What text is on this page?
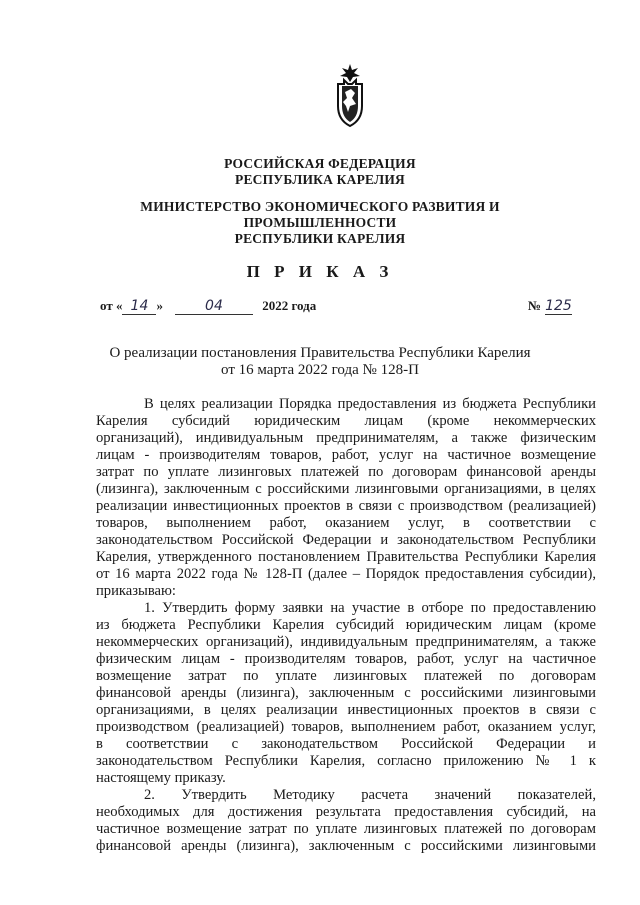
РОССИЙСКАЯ ФЕДЕРАЦИЯ
РЕСПУБЛИКА КАРЕЛИЯ
МИНИСТЕРСТВО ЭКОНОМИЧЕСКОГО РАЗВИТИЯ И
ПРОМЫШЛЕННОСТИ
РЕСПУБЛИКИ КАРЕЛИЯ
П Р И К А З
от « 14 »	04	2022 года	№ 125
О реализации постановления Правительства Республики Карелия
от 16 марта 2022 года № 128-П
В целях реализации Порядка предоставления из бюджета Республики
Карелия субсидий юридическим лицам (кроме некоммерческих
организаций), индивидуальным предпринимателям, а также физическим
лицам - производителям товаров, работ, услуг на частичное возмещение
затрат по уплате лизинговых платежей по договорам финансовой аренды
(лизинга), заключенным с российскими лизинговыми организациями, в целях
реализации инвестиционных проектов в связи с производством (реализацией)
товаров, выполнением работ, оказанием услуг, в соответствии с
законодательством Российской Федерации и законодательством Республики
Карелия, утвержденного постановлением Правительства Республики Карелия
от 16 марта 2022 года № 128-П (далее – Порядок предоставления субсидии),
приказываю:
1. Утвердить форму заявки на участие в отборе по предоставлению
из бюджета Республики Карелия субсидий юридическим лицам (кроме
некоммерческих организаций), индивидуальным предпринимателям, а также
физическим лицам - производителям товаров, работ, услуг на частичное
возмещение затрат по уплате лизинговых платежей по договорам
финансовой аренды (лизинга), заключенным с российскими лизинговыми
организациями, в целях реализации инвестиционных проектов в связи с
производством (реализацией) товаров, выполнением работ, оказанием услуг,
в соответствии с законодательством Российской Федерации и
законодательством Республики Карелия, согласно приложению № 1 к
настоящему приказу.
2. Утвердить Методику расчета значений показателей,
необходимых для достижения результата предоставления субсидий, на
частичное возмещение затрат по уплате лизинговых платежей по договорам
финансовой аренды (лизинга), заключенным с российскими лизинговыми
